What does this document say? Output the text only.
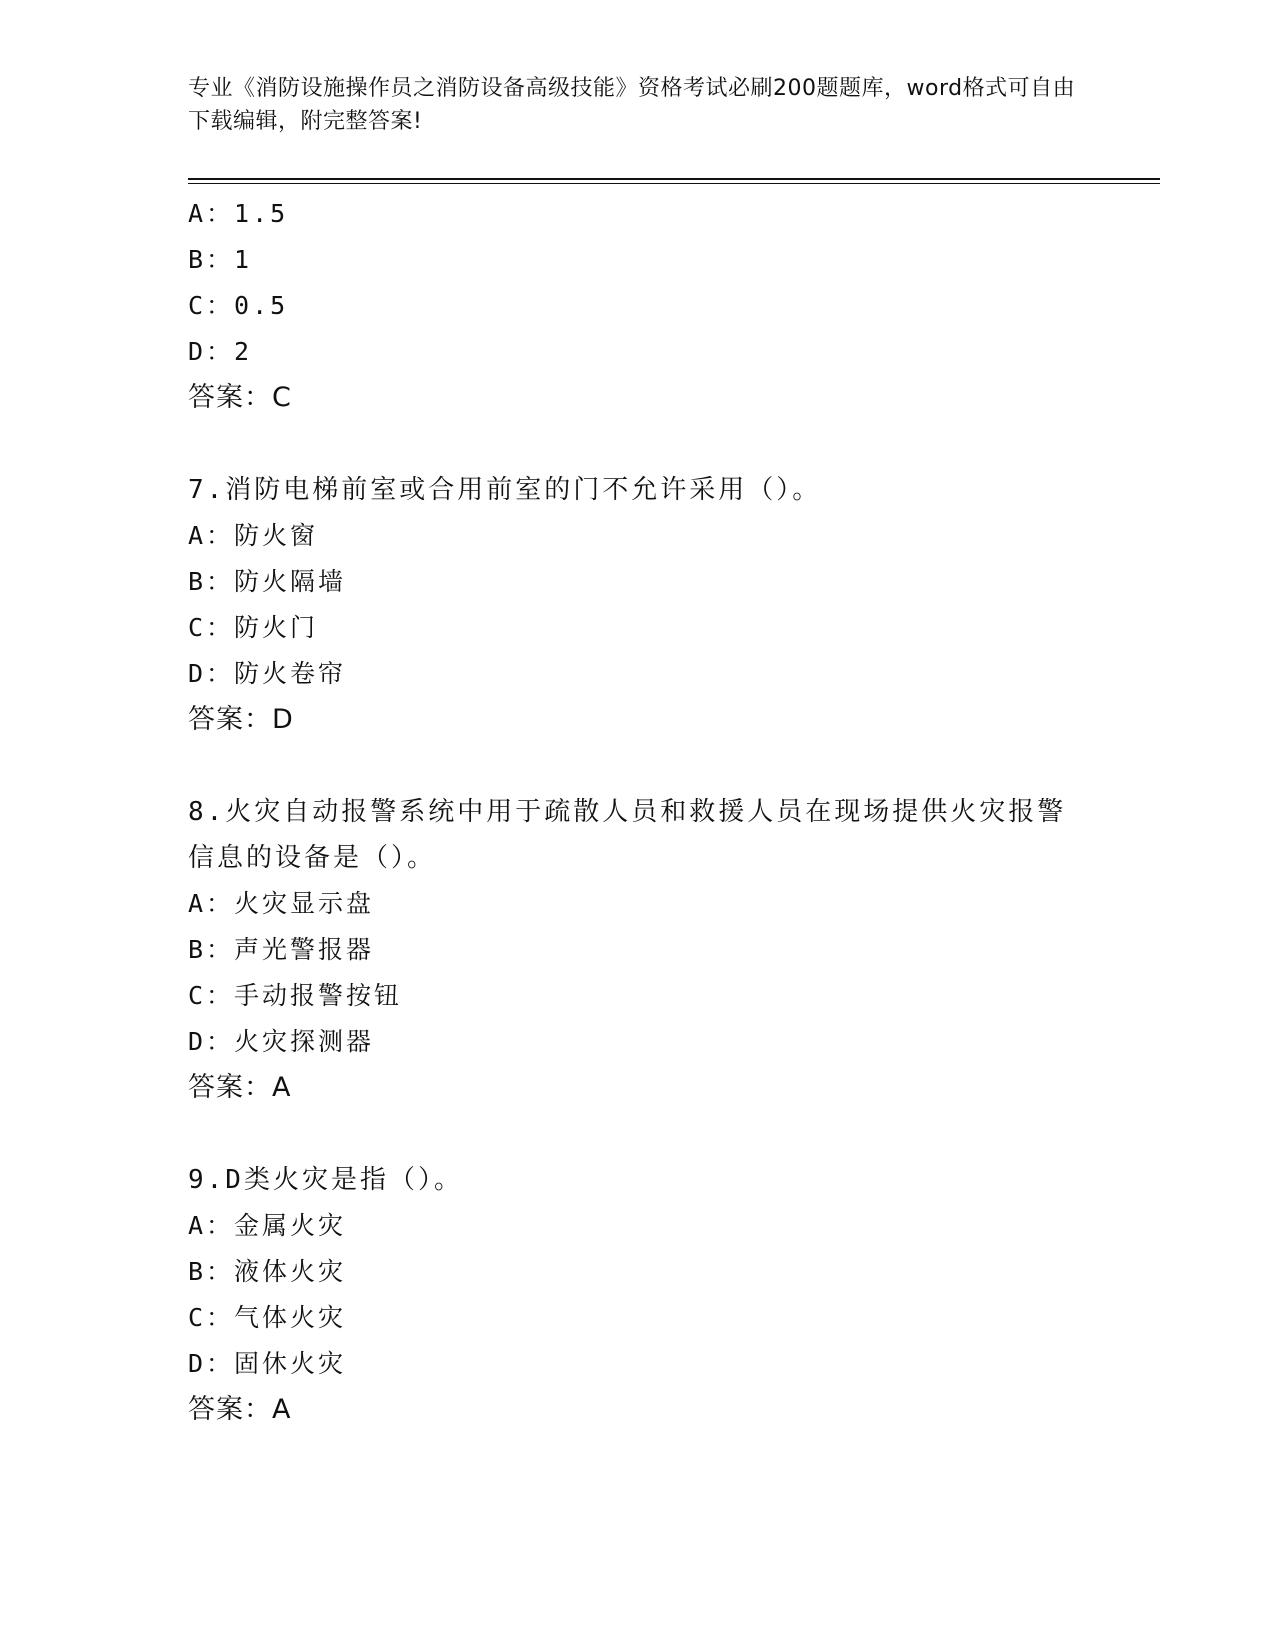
专业《消防设施操作员之消防设备高级技能》资格考试必刷200题题库，word格式可自由下载编辑，附完整答案!
A：1.5
B：1
C：0.5
D：2
答案：C
7.消防电梯前室或合用前室的门不允许采用（）。
A：防火窗
B：防火隔墙
C：防火门
D：防火卷帘
答案：D
8.火灾自动报警系统中用于疏散人员和救援人员在现场提供火灾报警信息的设备是（）。
A：火灾显示盘
B：声光警报器
C：手动报警按钮
D：火灾探测器
答案：A
9.D类火灾是指（）。
A：金属火灾
B：液体火灾
C：气体火灾
D：固休火灾
答案：A
